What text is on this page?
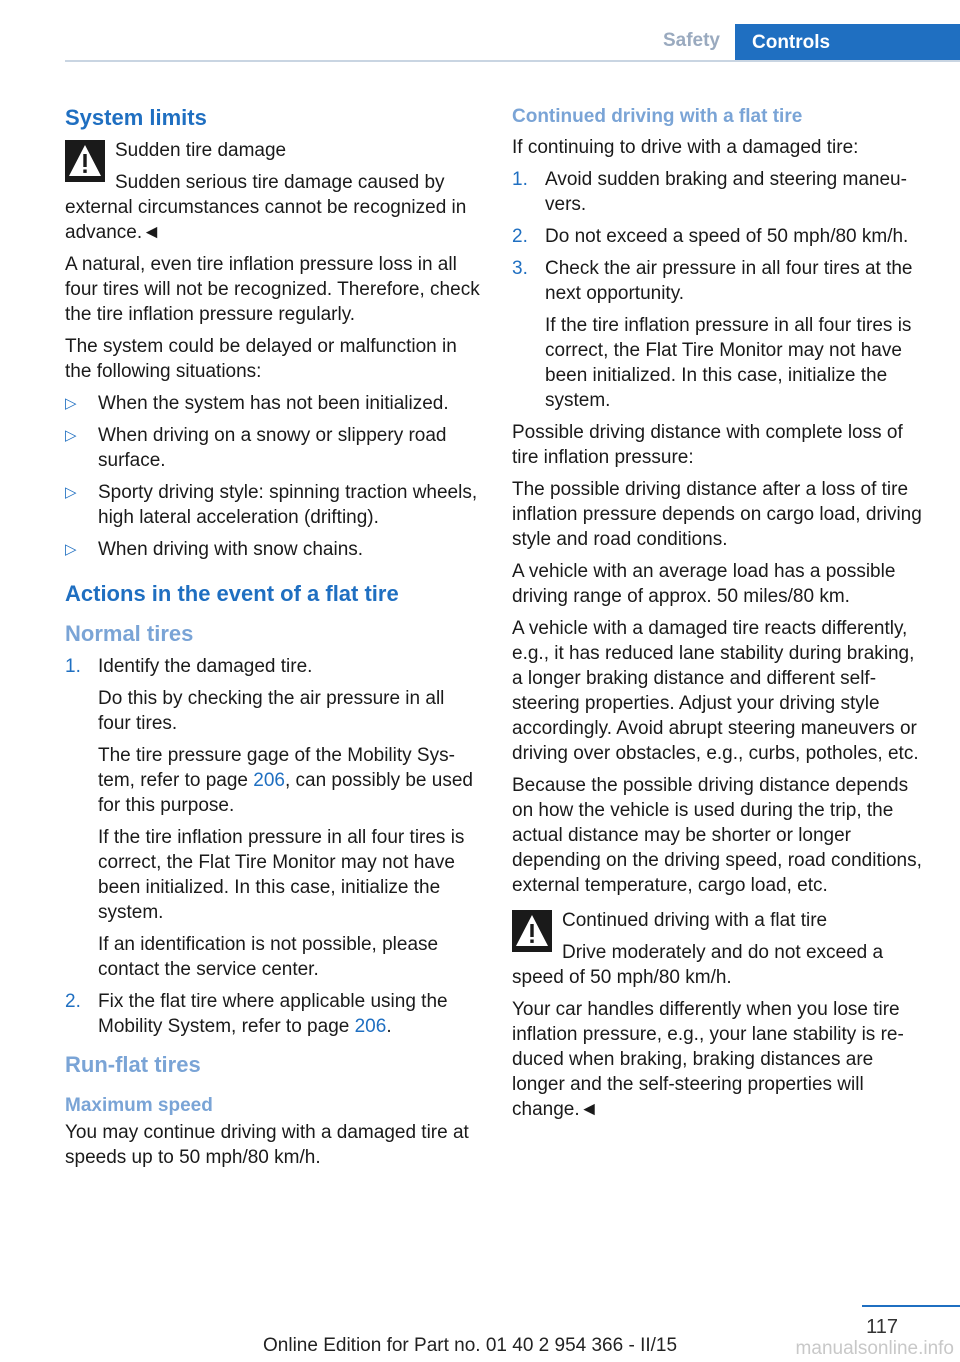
Safety	Controls
System limits

Sudden tire damage

Sudden serious tire damage caused by external circumstances cannot be recognized in advance.◄

A natural, even tire inflation pressure loss in all four tires will not be recognized. Therefore, check the tire inflation pressure regularly.

The system could be delayed or malfunction in the following situations:

▷ When the system has not been initialized.
▷ When driving on a snowy or slippery road surface.
▷ Sporty driving style: spinning traction wheels, high lateral acceleration (drifting).
▷ When driving with snow chains.
Actions in the event of a flat tire
Normal tires
1. Identify the damaged tire.
Do this by checking the air pressure in all four tires.
The tire pressure gage of the Mobility System, refer to page 206, can possibly be used for this purpose.
If the tire inflation pressure in all four tires is correct, the Flat Tire Monitor may not have been initialized. In this case, initialize the system.
If an identification is not possible, please contact the service center.
2. Fix the flat tire where applicable using the Mobility System, refer to page 206.
Run-flat tires
Maximum speed

You may continue driving with a damaged tire at speeds up to 50 mph/80 km/h.

Continued driving with a flat tire

If continuing to drive with a damaged tire:

1. Avoid sudden braking and steering maneuvers.
2. Do not exceed a speed of 50 mph/80 km/h.
3. Check the air pressure in all four tires at the next opportunity.
If the tire inflation pressure in all four tires is correct, the Flat Tire Monitor may not have been initialized. In this case, initialize the system.

Possible driving distance with complete loss of tire inflation pressure:

The possible driving distance after a loss of tire inflation pressure depends on cargo load, driving style and road conditions.

A vehicle with an average load has a possible driving range of approx. 50 miles/80 km.

A vehicle with a damaged tire reacts differently, e.g., it has reduced lane stability during braking, a longer braking distance and different self-steering properties. Adjust your driving style accordingly. Avoid abrupt steering maneuvers or driving over obstacles, e.g., curbs, potholes, etc.

Because the possible driving distance depends on how the vehicle is used during the trip, the actual distance may be shorter or longer depending on the driving speed, road conditions, external temperature, cargo load, etc.

Continued driving with a flat tire

Drive moderately and do not exceed a speed of 50 mph/80 km/h.

Your car handles differently when you lose tire inflation pressure, e.g., your lane stability is reduced when braking, braking distances are longer and the self-steering properties will change.◄

117
Online Edition for Part no. 01 40 2 954 366 - II/15	manualsonline.info
